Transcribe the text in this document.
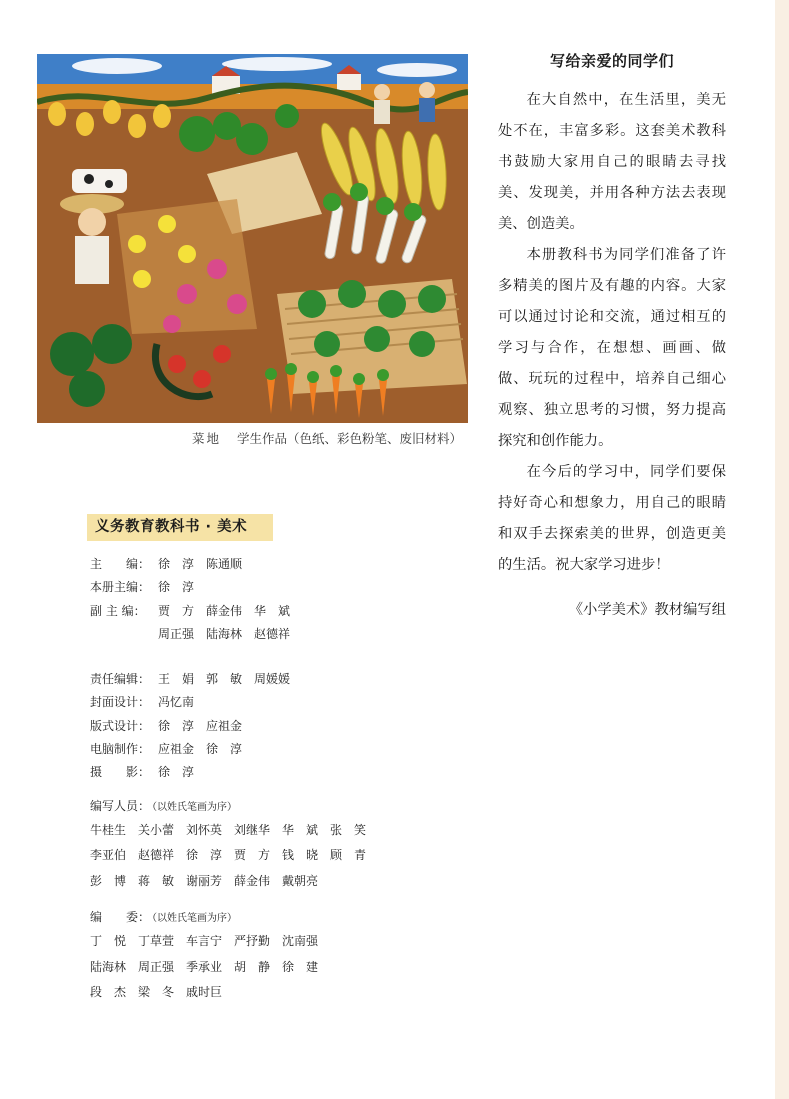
菜地 学生作品（色纸、彩色粉笔、废旧材料）
写给亲爱的同学们

在大自然中，在生活里，美无处不在，丰富多彩。这套美术教科书鼓励大家用自己的眼睛去寻找美、发现美，并用各种方法去表现美、创造美。

本册教科书为同学们准备了许多精美的图片及有趣的内容。大家可以通过讨论和交流，通过相互的学习与合作，在想想、画画、做做、玩玩的过程中，培养自己细心观察、独立思考的习惯，努力提高探究和创作能力。

在今后的学习中，同学们要保持好奇心和想象力，用自己的眼睛和双手去探索美的世界，创造更美的生活。祝大家学习进步！

《小学美术》教材编写组

义务教育教科书 · 美术
主　　编： 徐　淳　陈通顺
本册主编： 徐　淳
副 主 编： 贾　方　薛金伟　华　斌
周正强　陆海林　赵德祥
责任编辑： 王　娟　郭　敏　周媛媛
封面设计： 冯忆南
版式设计： 徐　淳　应祖金
电脑制作： 应祖金　徐　淳
摄　　影： 徐　淳
编写人员： （以姓氏笔画为序）
牛桂生　关小蕾　刘怀英　刘继华　华　斌　张　笑
李亚伯　赵德祥　徐　淳　贾　方　钱　晓　顾　青
彭　博　蒋　敏　谢丽芳　薛金伟　戴朝亮
编　　委： （以姓氏笔画为序）
丁　悦　丁草萱　车言宁　严抒勤　沈南强
陆海林　周正强　季承业　胡　静　徐　建
段　杰　梁　冬　戚时巨
